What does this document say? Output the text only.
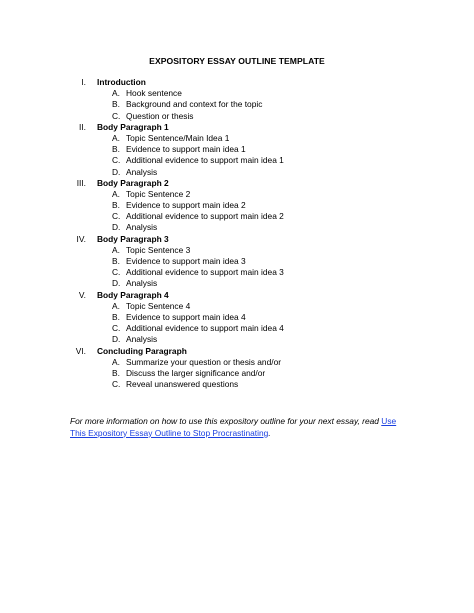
EXPOSITORY ESSAY OUTLINE TEMPLATE
I. Introduction
A. Hook sentence
B. Background and context for the topic
C. Question or thesis
II. Body Paragraph 1
A. Topic Sentence/Main Idea 1
B. Evidence to support main idea 1
C. Additional evidence to support main idea 1
D. Analysis
III. Body Paragraph 2
A. Topic Sentence 2
B. Evidence to support main idea 2
C. Additional evidence to support main idea 2
D. Analysis
IV. Body Paragraph 3
A. Topic Sentence 3
B. Evidence to support main idea 3
C. Additional evidence to support main idea 3
D. Analysis
V. Body Paragraph 4
A. Topic Sentence 4
B. Evidence to support main idea 4
C. Additional evidence to support main idea 4
D. Analysis
VI. Concluding Paragraph
A. Summarize your question or thesis and/or
B. Discuss the larger significance and/or
C. Reveal unanswered questions

For more information on how to use this expository outline for your next essay, read Use This Expository Essay Outline to Stop Procrastinating.
